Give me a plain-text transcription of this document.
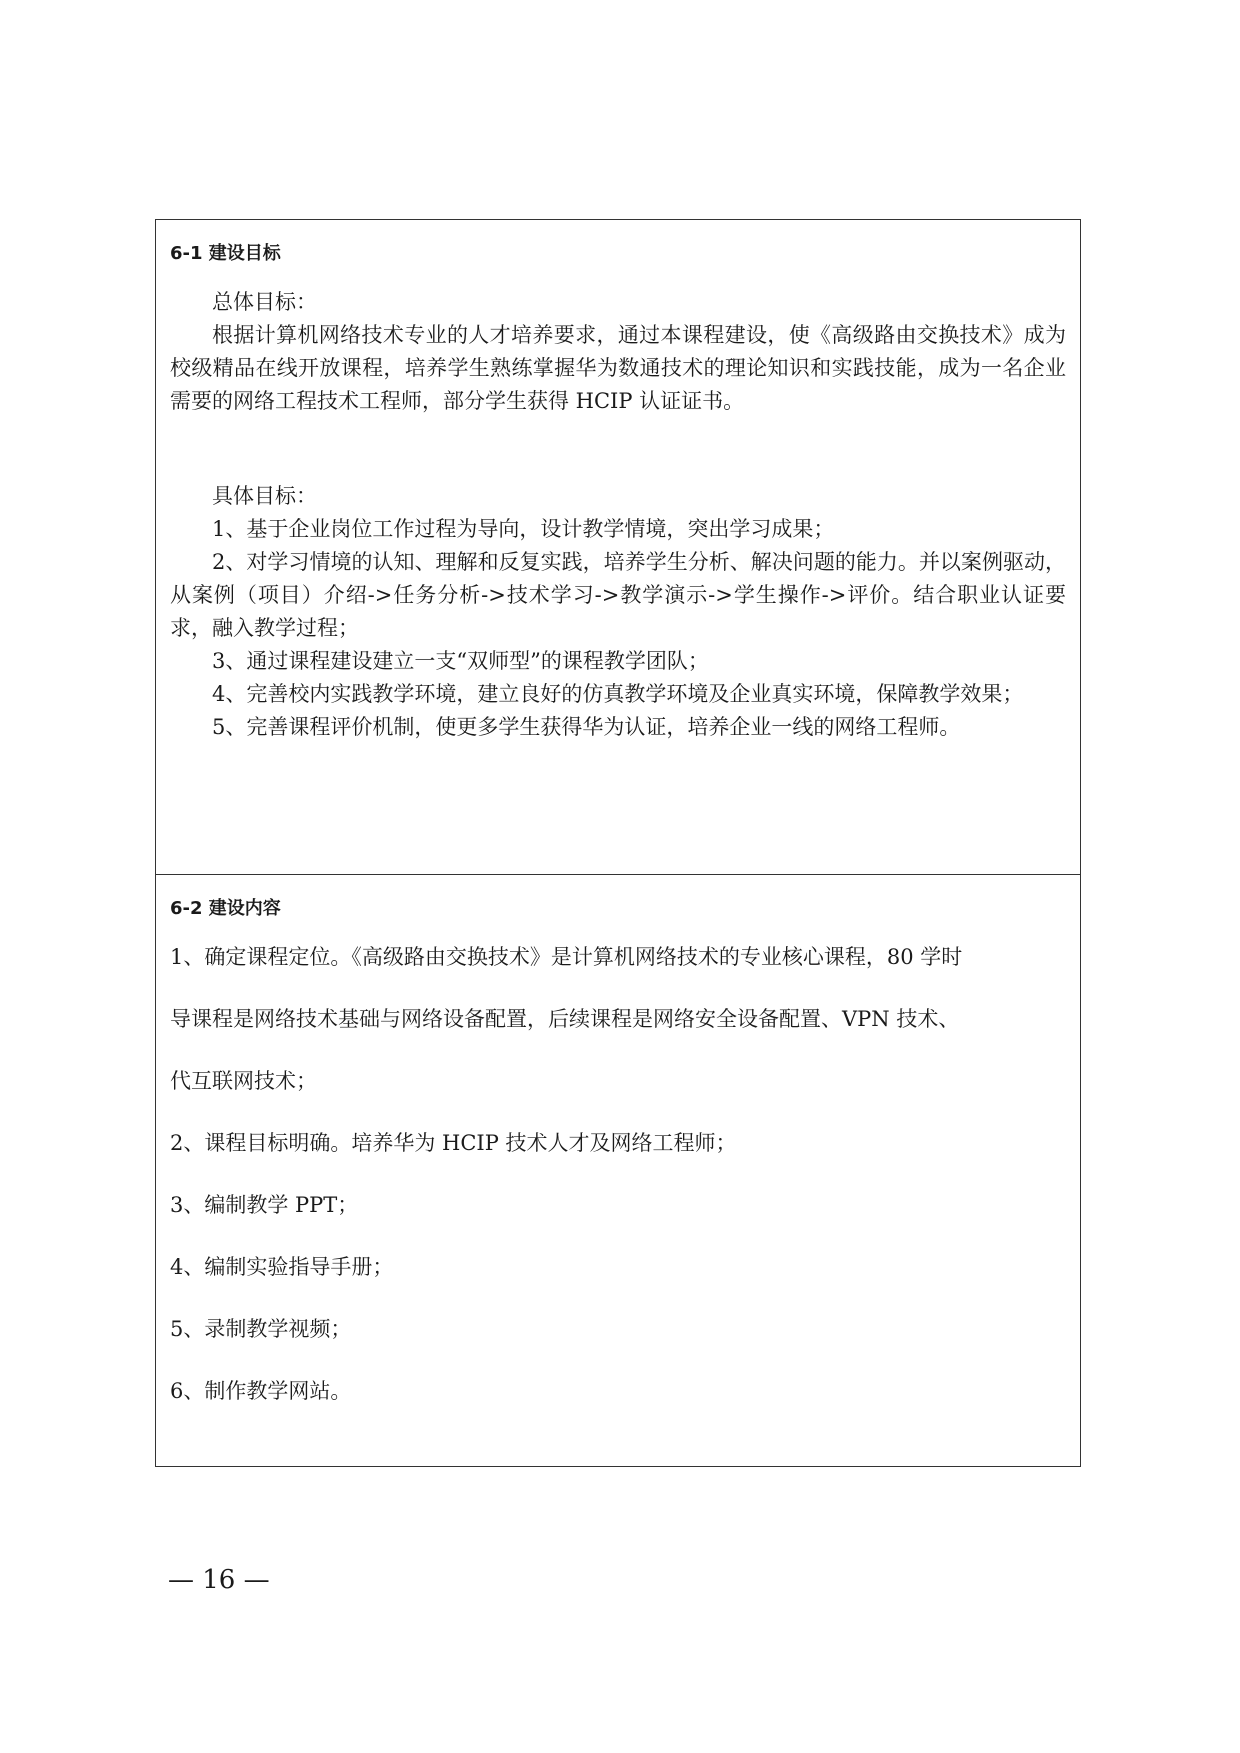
6-1 建设目标

总体目标：

根据计算机网络技术专业的人才培养要求，通过本课程建设，使《高级路由交换技术》成为校级精品在线开放课程，培养学生熟练掌握华为数通技术的理论知识和实践技能，成为一名企业需要的网络工程技术工程师，部分学生获得 HCIP 认证证书。

具体目标：

1、基于企业岗位工作过程为导向，设计教学情境，突出学习成果；

2、对学习情境的认知、理解和反复实践，培养学生分析、解决问题的能力。并以案例驱动，从案例（项目）介绍->任务分析->技术学习->教学演示->学生操作->评价。结合职业认证要求，融入教学过程；

3、通过课程建设建立一支“双师型”的课程教学团队；

4、完善校内实践教学环境，建立良好的仿真教学环境及企业真实环境，保障教学效果；

5、完善课程评价机制，使更多学生获得华为认证，培养企业一线的网络工程师。

6-2 建设内容

1、确定课程定位。《高级路由交换技术》是计算机网络技术的专业核心课程，80 学时

导课程是网络技术基础与网络设备配置，后续课程是网络安全设备配置、VPN 技术、

代互联网技术；

2、课程目标明确。培养华为 HCIP 技术人才及网络工程师；

3、编制教学 PPT；

4、编制实验指导手册；

5、录制教学视频；

6、制作教学网站。

— 16 —
